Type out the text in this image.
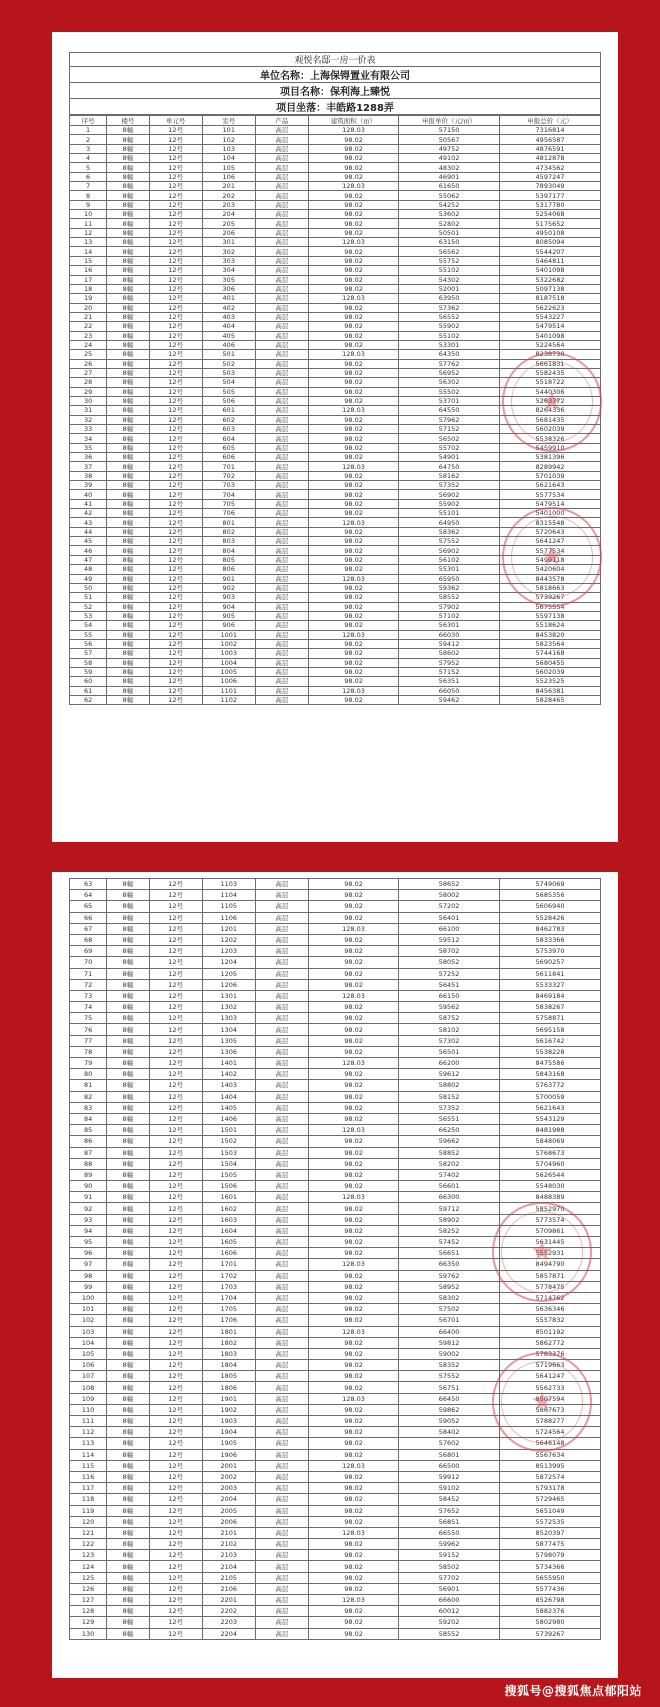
观悦名邸一房一价表
单位名称：上海保锝置业有限公司
项目名称：保利海上臻悦
项目坐落：丰皓路1288弄
序号	楼号	单元号	室号	产品	建筑面积（㎡）	申报单价（元/㎡）	申报总价（元）
1	8幢	12号	101	高层	128.03	57150	7316814
2	8幢	12号	102	高层	98.02	50567	4956587
3	8幢	12号	103	高层	98.02	49752	4876591
4	8幢	12号	104	高层	98.02	49102	4812878
5	8幢	12号	105	高层	98.02	48302	4734562
6	8幢	12号	106	高层	98.02	46901	4597247
7	8幢	12号	201	高层	128.03	61650	7893049
8	8幢	12号	202	高层	98.02	55062	5397177
9	8幢	12号	203	高层	98.02	54252	5317780
10	8幢	12号	204	高层	98.02	53602	5254068
11	8幢	12号	205	高层	98.02	52802	5175652
12	8幢	12号	206	高层	98.02	50501	4950108
13	8幢	12号	301	高层	128.03	63150	8085094
14	8幢	12号	302	高层	98.02	56562	5544207
15	8幢	12号	303	高层	98.02	55752	5464811
16	8幢	12号	304	高层	98.02	55102	5401098
17	8幢	12号	305	高层	98.02	54302	5322682
18	8幢	12号	306	高层	98.02	52001	5097138
19	8幢	12号	401	高层	128.03	63950	8187518
20	8幢	12号	402	高层	98.02	57362	5622623
21	8幢	12号	403	高层	98.02	56552	5543227
22	8幢	12号	404	高层	98.02	55902	5479514
23	8幢	12号	405	高层	98.02	55102	5401098
24	8幢	12号	406	高层	98.02	53301	5224564
25	8幢	12号	501	高层	128.03	64350	8238730
26	8幢	12号	502	高层	98.02	57762	5661831
27	8幢	12号	503	高层	98.02	56952	5582435
28	8幢	12号	504	高层	98.02	56302	5518722
29	8幢	12号	505	高层	98.02	55502	5440306
30	8幢	12号	506	高层	98.02	53701	5263772
31	8幢	12号	601	高层	128.03	64550	8264336
32	8幢	12号	602	高层	98.02	57962	5681435
33	8幢	12号	603	高层	98.02	57152	5602039
34	8幢	12号	604	高层	98.02	56502	5538326
35	8幢	12号	605	高层	98.02	55702	5459910
36	8幢	12号	606	高层	98.02	54901	5381396
37	8幢	12号	701	高层	128.03	64750	8289942
38	8幢	12号	702	高层	98.02	58162	5701039
39	8幢	12号	703	高层	98.02	57352	5621643
40	8幢	12号	704	高层	98.02	56902	5577534
41	8幢	12号	705	高层	98.02	55902	5479514
42	8幢	12号	706	高层	98.02	55101	5401000
43	8幢	12号	801	高层	128.03	64950	8315548
44	8幢	12号	802	高层	98.02	58362	5720643
45	8幢	12号	803	高层	98.02	57552	5641247
46	8幢	12号	804	高层	98.02	56902	5577534
47	8幢	12号	805	高层	98.02	56102	5499118
48	8幢	12号	806	高层	98.02	55301	5420604
49	8幢	12号	901	高层	128.03	65950	8443578
50	8幢	12号	902	高层	98.02	59362	5818663
51	8幢	12号	903	高层	98.02	58552	5739267
52	8幢	12号	904	高层	98.02	57902	5675554
53	8幢	12号	905	高层	98.02	57102	5597138
54	8幢	12号	906	高层	98.02	56301	5518624
55	8幢	12号	1001	高层	128.03	66030	8453820
56	8幢	12号	1002	高层	98.02	59412	5823564
57	8幢	12号	1003	高层	98.02	58602	5744168
58	8幢	12号	1004	高层	98.02	57952	5680455
59	8幢	12号	1005	高层	98.02	57152	5602039
60	8幢	12号	1006	高层	98.02	56351	5523525
61	8幢	12号	1101	高层	128.03	66050	8456381
62	8幢	12号	1102	高层	98.02	59462	5828465
★
★
63	8幢	12号	1103	高层	98.02	58652	5749069
64	8幢	12号	1104	高层	98.02	58002	5685356
65	8幢	12号	1105	高层	98.02	57202	5606940
66	8幢	12号	1106	高层	98.02	56401	5528426
67	8幢	12号	1201	高层	128.03	66100	8462783
68	8幢	12号	1202	高层	98.02	59512	5833366
69	8幢	12号	1203	高层	98.02	58702	5753970
70	8幢	12号	1204	高层	98.02	58052	5690257
71	8幢	12号	1205	高层	98.02	57252	5611841
72	8幢	12号	1206	高层	98.02	56451	5533327
73	8幢	12号	1301	高层	128.03	66150	8469184
74	8幢	12号	1302	高层	98.02	59562	5838267
75	8幢	12号	1303	高层	98.02	58752	5758871
76	8幢	12号	1304	高层	98.02	58102	5695158
77	8幢	12号	1305	高层	98.02	57302	5616742
78	8幢	12号	1306	高层	98.02	56501	5538228
79	8幢	12号	1401	高层	128.03	66200	8475586
80	8幢	12号	1402	高层	98.02	59612	5843168
81	8幢	12号	1403	高层	98.02	58802	5763772
82	8幢	12号	1404	高层	98.02	58152	5700059
83	8幢	12号	1405	高层	98.02	57352	5621643
84	8幢	12号	1406	高层	98.02	56551	5543129
85	8幢	12号	1501	高层	128.03	66250	8481988
86	8幢	12号	1502	高层	98.02	59662	5848069
87	8幢	12号	1503	高层	98.02	58852	5768673
88	8幢	12号	1504	高层	98.02	58202	5704960
89	8幢	12号	1505	高层	98.02	57402	5626544
90	8幢	12号	1506	高层	98.02	56601	5548030
91	8幢	12号	1601	高层	128.03	66300	8488389
92	8幢	12号	1602	高层	98.02	59712	5852970
93	8幢	12号	1603	高层	98.02	58902	5773574
94	8幢	12号	1604	高层	98.02	58252	5709861
95	8幢	12号	1605	高层	98.02	57452	5631445
96	8幢	12号	1606	高层	98.02	56651	5552931
97	8幢	12号	1701	高层	128.03	66350	8494790
98	8幢	12号	1702	高层	98.02	59762	5857871
99	8幢	12号	1703	高层	98.02	58952	5778475
100	8幢	12号	1704	高层	98.02	58302	5714762
101	8幢	12号	1705	高层	98.02	57502	5636346
102	8幢	12号	1706	高层	98.02	56701	5557832
103	8幢	12号	1801	高层	128.03	66400	8501192
104	8幢	12号	1802	高层	98.02	59812	5862772
105	8幢	12号	1803	高层	98.02	59002	5783376
106	8幢	12号	1804	高层	98.02	58352	5719663
107	8幢	12号	1805	高层	98.02	57552	5641247
108	8幢	12号	1806	高层	98.02	56751	5562733
109	8幢	12号	1901	高层	128.03	66450	8507594
110	8幢	12号	1902	高层	98.02	59862	5867673
111	8幢	12号	1903	高层	98.02	59052	5788277
112	8幢	12号	1904	高层	98.02	58402	5724564
113	8幢	12号	1905	高层	98.02	57602	5646148
114	8幢	12号	1906	高层	98.02	56801	5567634
115	8幢	12号	2001	高层	128.03	66500	8513995
116	8幢	12号	2002	高层	98.02	59912	5872574
117	8幢	12号	2003	高层	98.02	59102	5793178
118	8幢	12号	2004	高层	98.02	58452	5729465
119	8幢	12号	2005	高层	98.02	57652	5651049
120	8幢	12号	2006	高层	98.02	56851	5572535
121	8幢	12号	2101	高层	128.03	66550	8520397
122	8幢	12号	2102	高层	98.02	59962	5877475
123	8幢	12号	2103	高层	98.02	59152	5798079
124	8幢	12号	2104	高层	98.02	58502	5734366
125	8幢	12号	2105	高层	98.02	57702	5655950
126	8幢	12号	2106	高层	98.02	56901	5577436
127	8幢	12号	2201	高层	128.03	66600	8526798
128	8幢	12号	2202	高层	98.02	60012	5882376
129	8幢	12号	2203	高层	98.02	59202	5802980
130	8幢	12号	2204	高层	98.02	58552	5739267
★
★
搜狐号@搜狐焦点郁阳站
